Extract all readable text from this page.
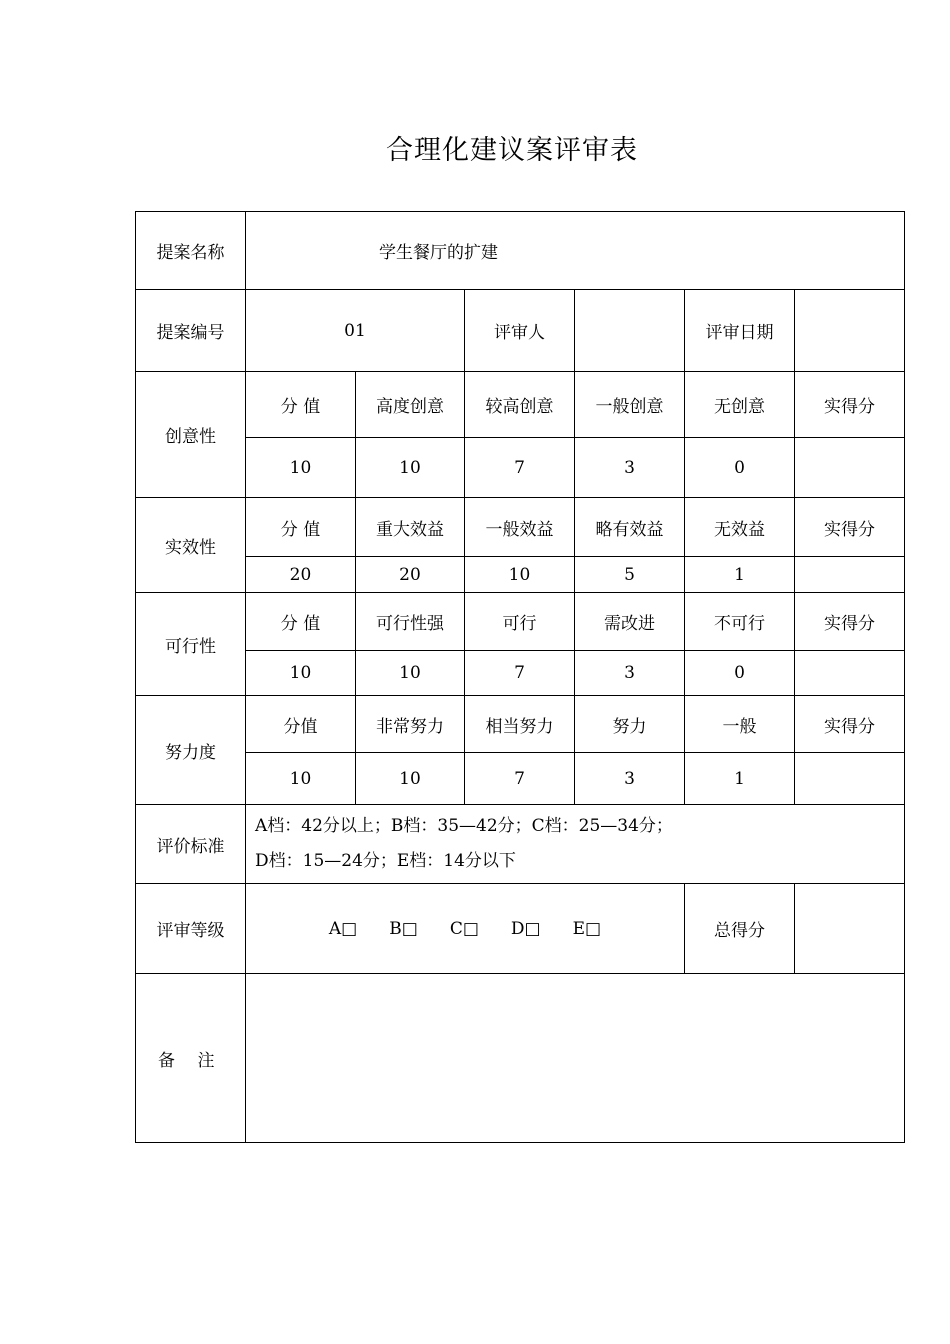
合理化建议案评审表
提案名称	学生餐厅的扩建					
提案编号	01		评审人		评审日期	
创意性	分 值	高度创意	较高创意	一般创意	无创意	实得分
	10	10	7	3	0	
实效性	分 值	重大效益	一般效益	略有效益	无效益	实得分
	20	20	10	5	1	
可行性	分 值	可行性强	可行	需改进	不可行	实得分
	10	10	7	3	0	
努力度	分值	非常努力	相当努力	努力	一般	实得分
	10	10	7	3	1	
评价标准	A档：42分以上；B档：35—42分；C档：25—34分；
D档：15—24分；E档：14分以下					

评审等级	A□ B□ C□ D□ E□				总得分	
备 注						
